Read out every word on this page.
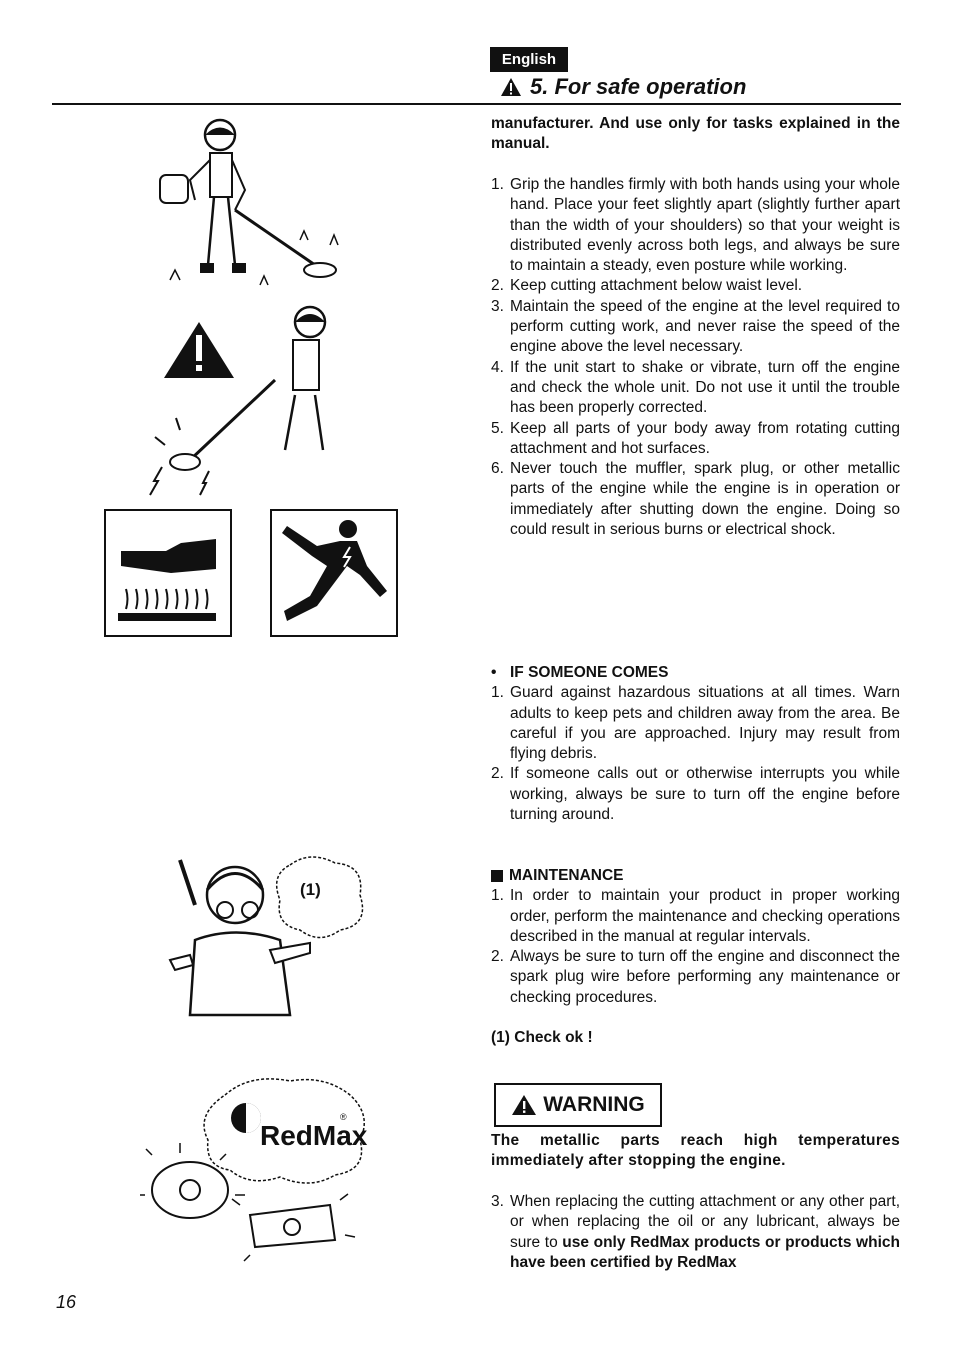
English
5. For safe operation

manufacturer. And use only for tasks explained in the manual.

1. Grip the handles firmly with both hands using your whole hand. Place your feet slightly apart (slightly further apart than the width of your shoulders) so that your weight is distributed evenly across both legs, and always be sure to maintain a steady, even posture while working.
2. Keep cutting attachment below waist level.
3. Maintain the speed of the engine at the level required to perform cutting work, and never raise the speed of the engine above the level necessary.
4. If the unit start to shake or vibrate, turn off the engine and check the whole unit. Do not use it until the trouble has been properly corrected.
5. Keep all parts of your body away from rotating cutting attachment and hot surfaces.
6. Never touch the muffler, spark plug, or other metallic parts of the engine while the engine is in operation or immediately after shutting down the engine. Doing so could result in serious burns or electrical shock.
• IF SOMEONE COMES
1. Guard against hazardous situations at all times. Warn adults to keep pets and children away from the area. Be careful if you are approached. Injury may result from flying debris.
2. If someone calls out or otherwise interrupts you while working, always be sure to turn off the engine before turning around.
MAINTENANCE
1. In order to maintain your product in proper working order, perform the maintenance and checking operations described in the manual at regular intervals.
2. Always be sure to turn off the engine and disconnect the spark plug wire before performing any maintenance or checking procedures.

(1) Check ok !

WARNING

The metallic parts reach high temperatures immediately after stopping the engine.

3. When replacing the cutting attachment or any other part, or when replacing the oil or any lubricant, always be sure to use only RedMax products or products which have been certified by RedMax
16
(1)
RedMax
®
